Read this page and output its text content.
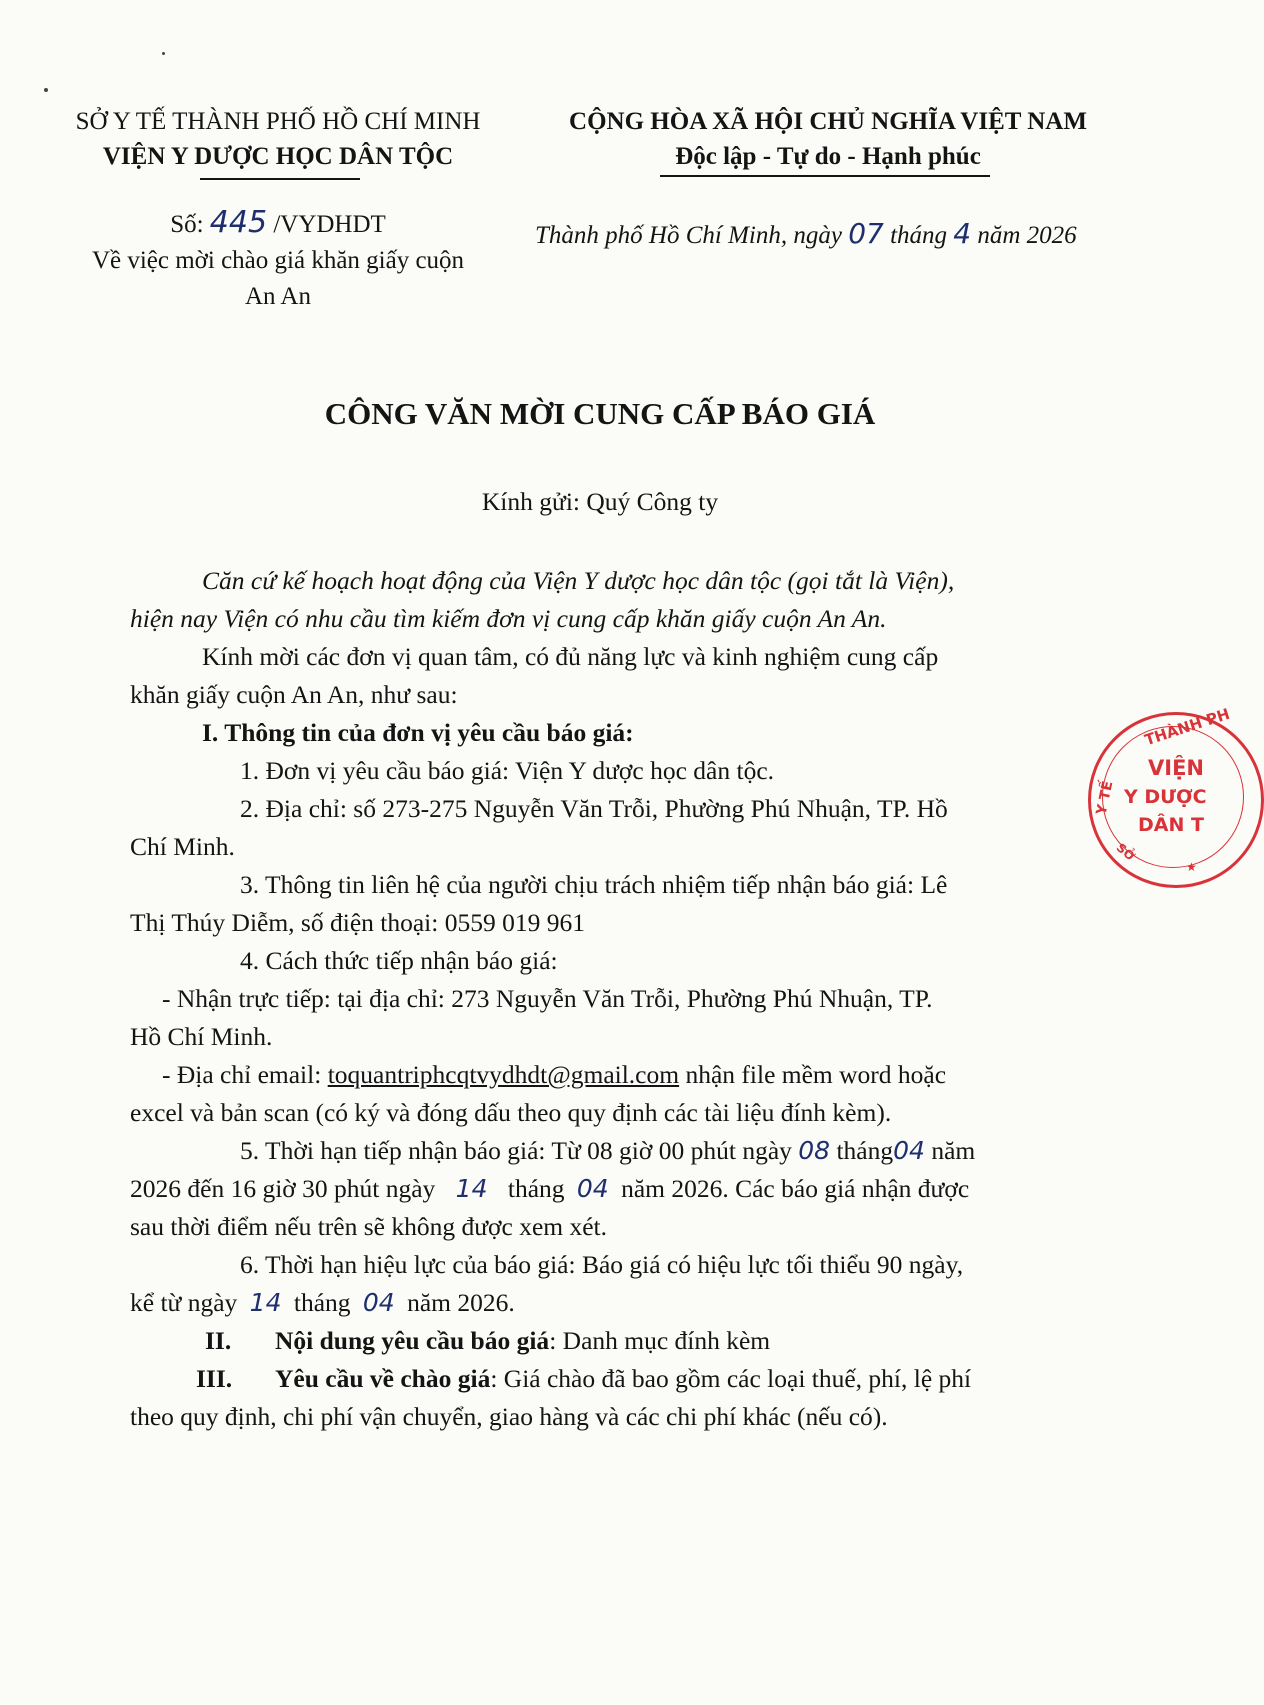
SỞ Y TẾ THÀNH PHỐ HỒ CHÍ MINH
VIỆN Y DƯỢC HỌC DÂN TỘC
CỘNG HÒA XÃ HỘI CHỦ NGHĨA VIỆT NAM
Độc lập - Tự do - Hạnh phúc
Số: 445 /VYDHDT
Về việc mời chào giá khăn giấy cuộn
An An
Thành phố Hồ Chí Minh, ngày 07 tháng 4 năm 2026
CÔNG VĂN MỜI CUNG CẤP BÁO GIÁ
Kính gửi: Quý Công ty
Căn cứ kế hoạch hoạt động của Viện Y dược học dân tộc (gọi tắt là Viện),
hiện nay Viện có nhu cầu tìm kiếm đơn vị cung cấp khăn giấy cuộn An An.
Kính mời các đơn vị quan tâm, có đủ năng lực và kinh nghiệm cung cấp
khăn giấy cuộn An An, như sau:
I. Thông tin của đơn vị yêu cầu báo giá:
1. Đơn vị yêu cầu báo giá: Viện Y dược học dân tộc.
2. Địa chỉ: số 273-275 Nguyễn Văn Trỗi, Phường Phú Nhuận, TP. Hồ
Chí Minh.
3. Thông tin liên hệ của người chịu trách nhiệm tiếp nhận báo giá: Lê
Thị Thúy Diễm, số điện thoại: 0559 019 961
4. Cách thức tiếp nhận báo giá:
- Nhận trực tiếp: tại địa chỉ: 273 Nguyễn Văn Trỗi, Phường Phú Nhuận, TP.
Hồ Chí Minh.
- Địa chỉ email: toquantriphcqtvydhdt@gmail.com nhận file mềm word hoặc
excel và bản scan (có ký và đóng dấu theo quy định các tài liệu đính kèm).
5. Thời hạn tiếp nhận báo giá: Từ 08 giờ 00 phút ngày 08 tháng04 năm
2026 đến 16 giờ 30 phút ngày 14 tháng 04 năm 2026. Các báo giá nhận được
sau thời điểm nếu trên sẽ không được xem xét.
6. Thời hạn hiệu lực của báo giá: Báo giá có hiệu lực tối thiểu 90 ngày,
kể từ ngày 14 tháng 04 năm 2026.
II. Nội dung yêu cầu báo giá: Danh mục đính kèm
III. Yêu cầu về chào giá: Giá chào đã bao gồm các loại thuế, phí, lệ phí
theo quy định, chi phí vận chuyển, giao hàng và các chi phí khác (nếu có).
THÀNH PH
Y TẾ
VIỆN
Y DƯỢC
DÂN T
SỞ
★
